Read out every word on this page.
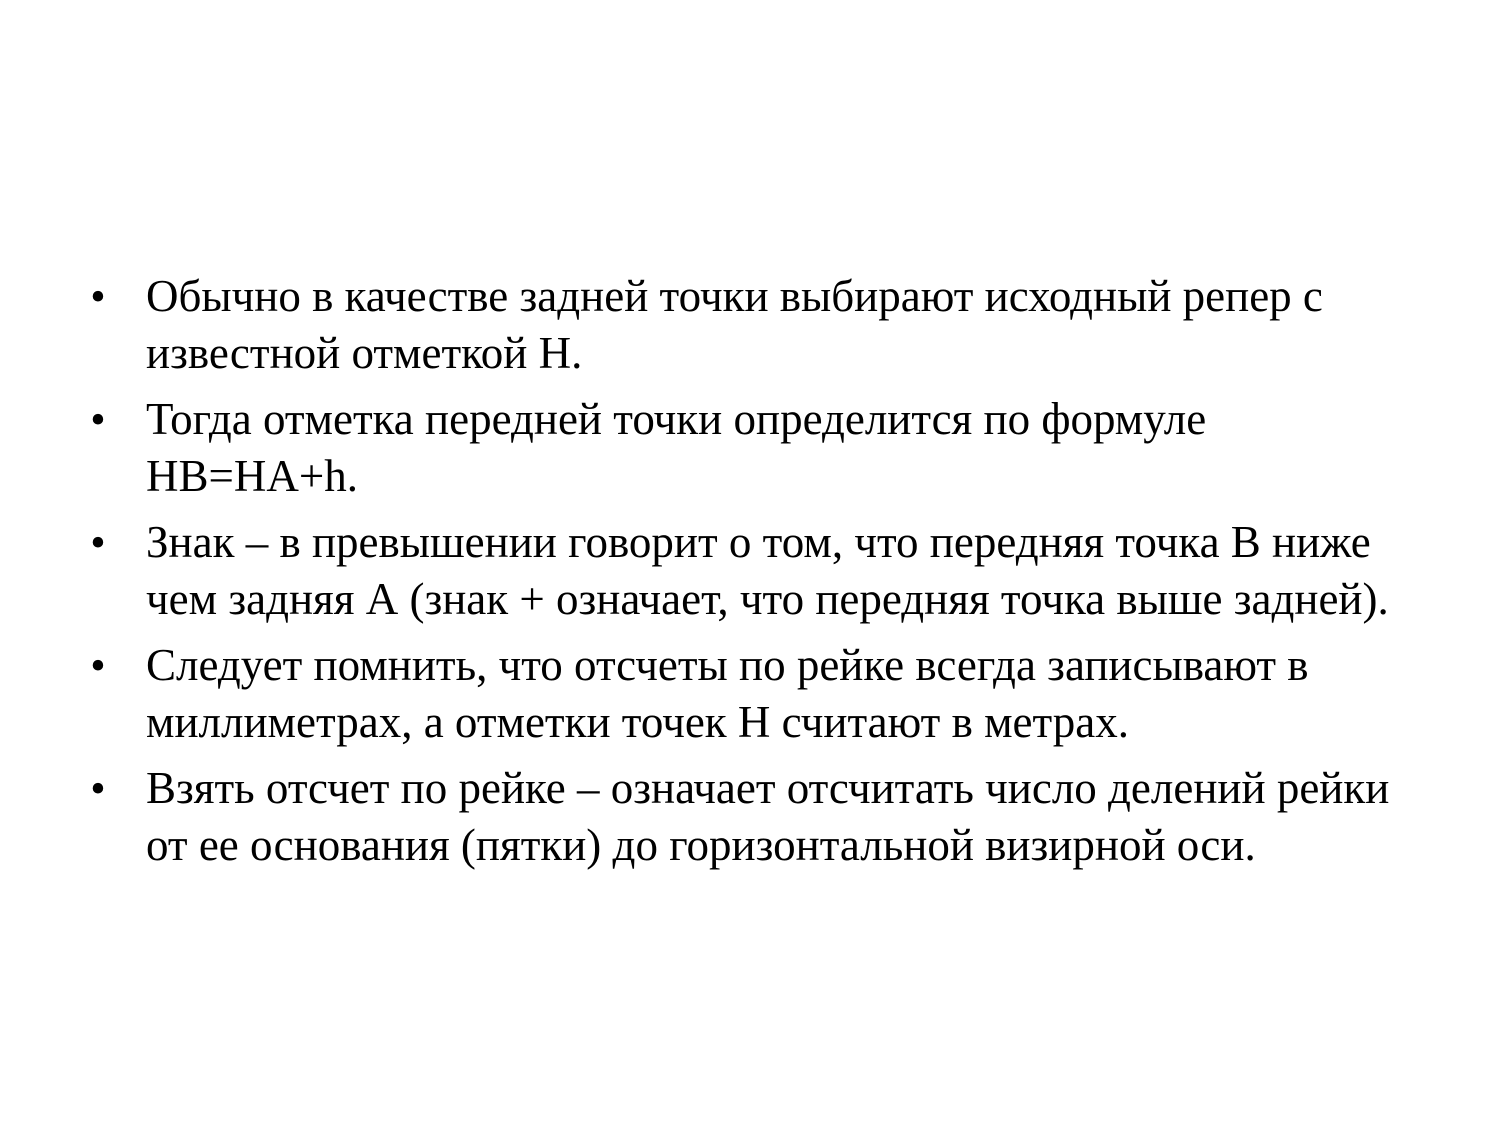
• Обычно в качестве задней точки выбирают исходный репер с известной отметкой Н.
• Тогда отметка передней точки определится по формуле НВ=НА+h.
• Знак – в превышении говорит о том, что передняя точка В ниже чем задняя А (знак + означает, что передняя точка выше задней).
• Следует помнить, что отсчеты по рейке всегда записывают в миллиметрах, а отметки точек Н считают в метрах.
• Взять отсчет по рейке – означает отсчитать число делений рейки от ее основания (пятки) до горизонтальной визирной оси.
